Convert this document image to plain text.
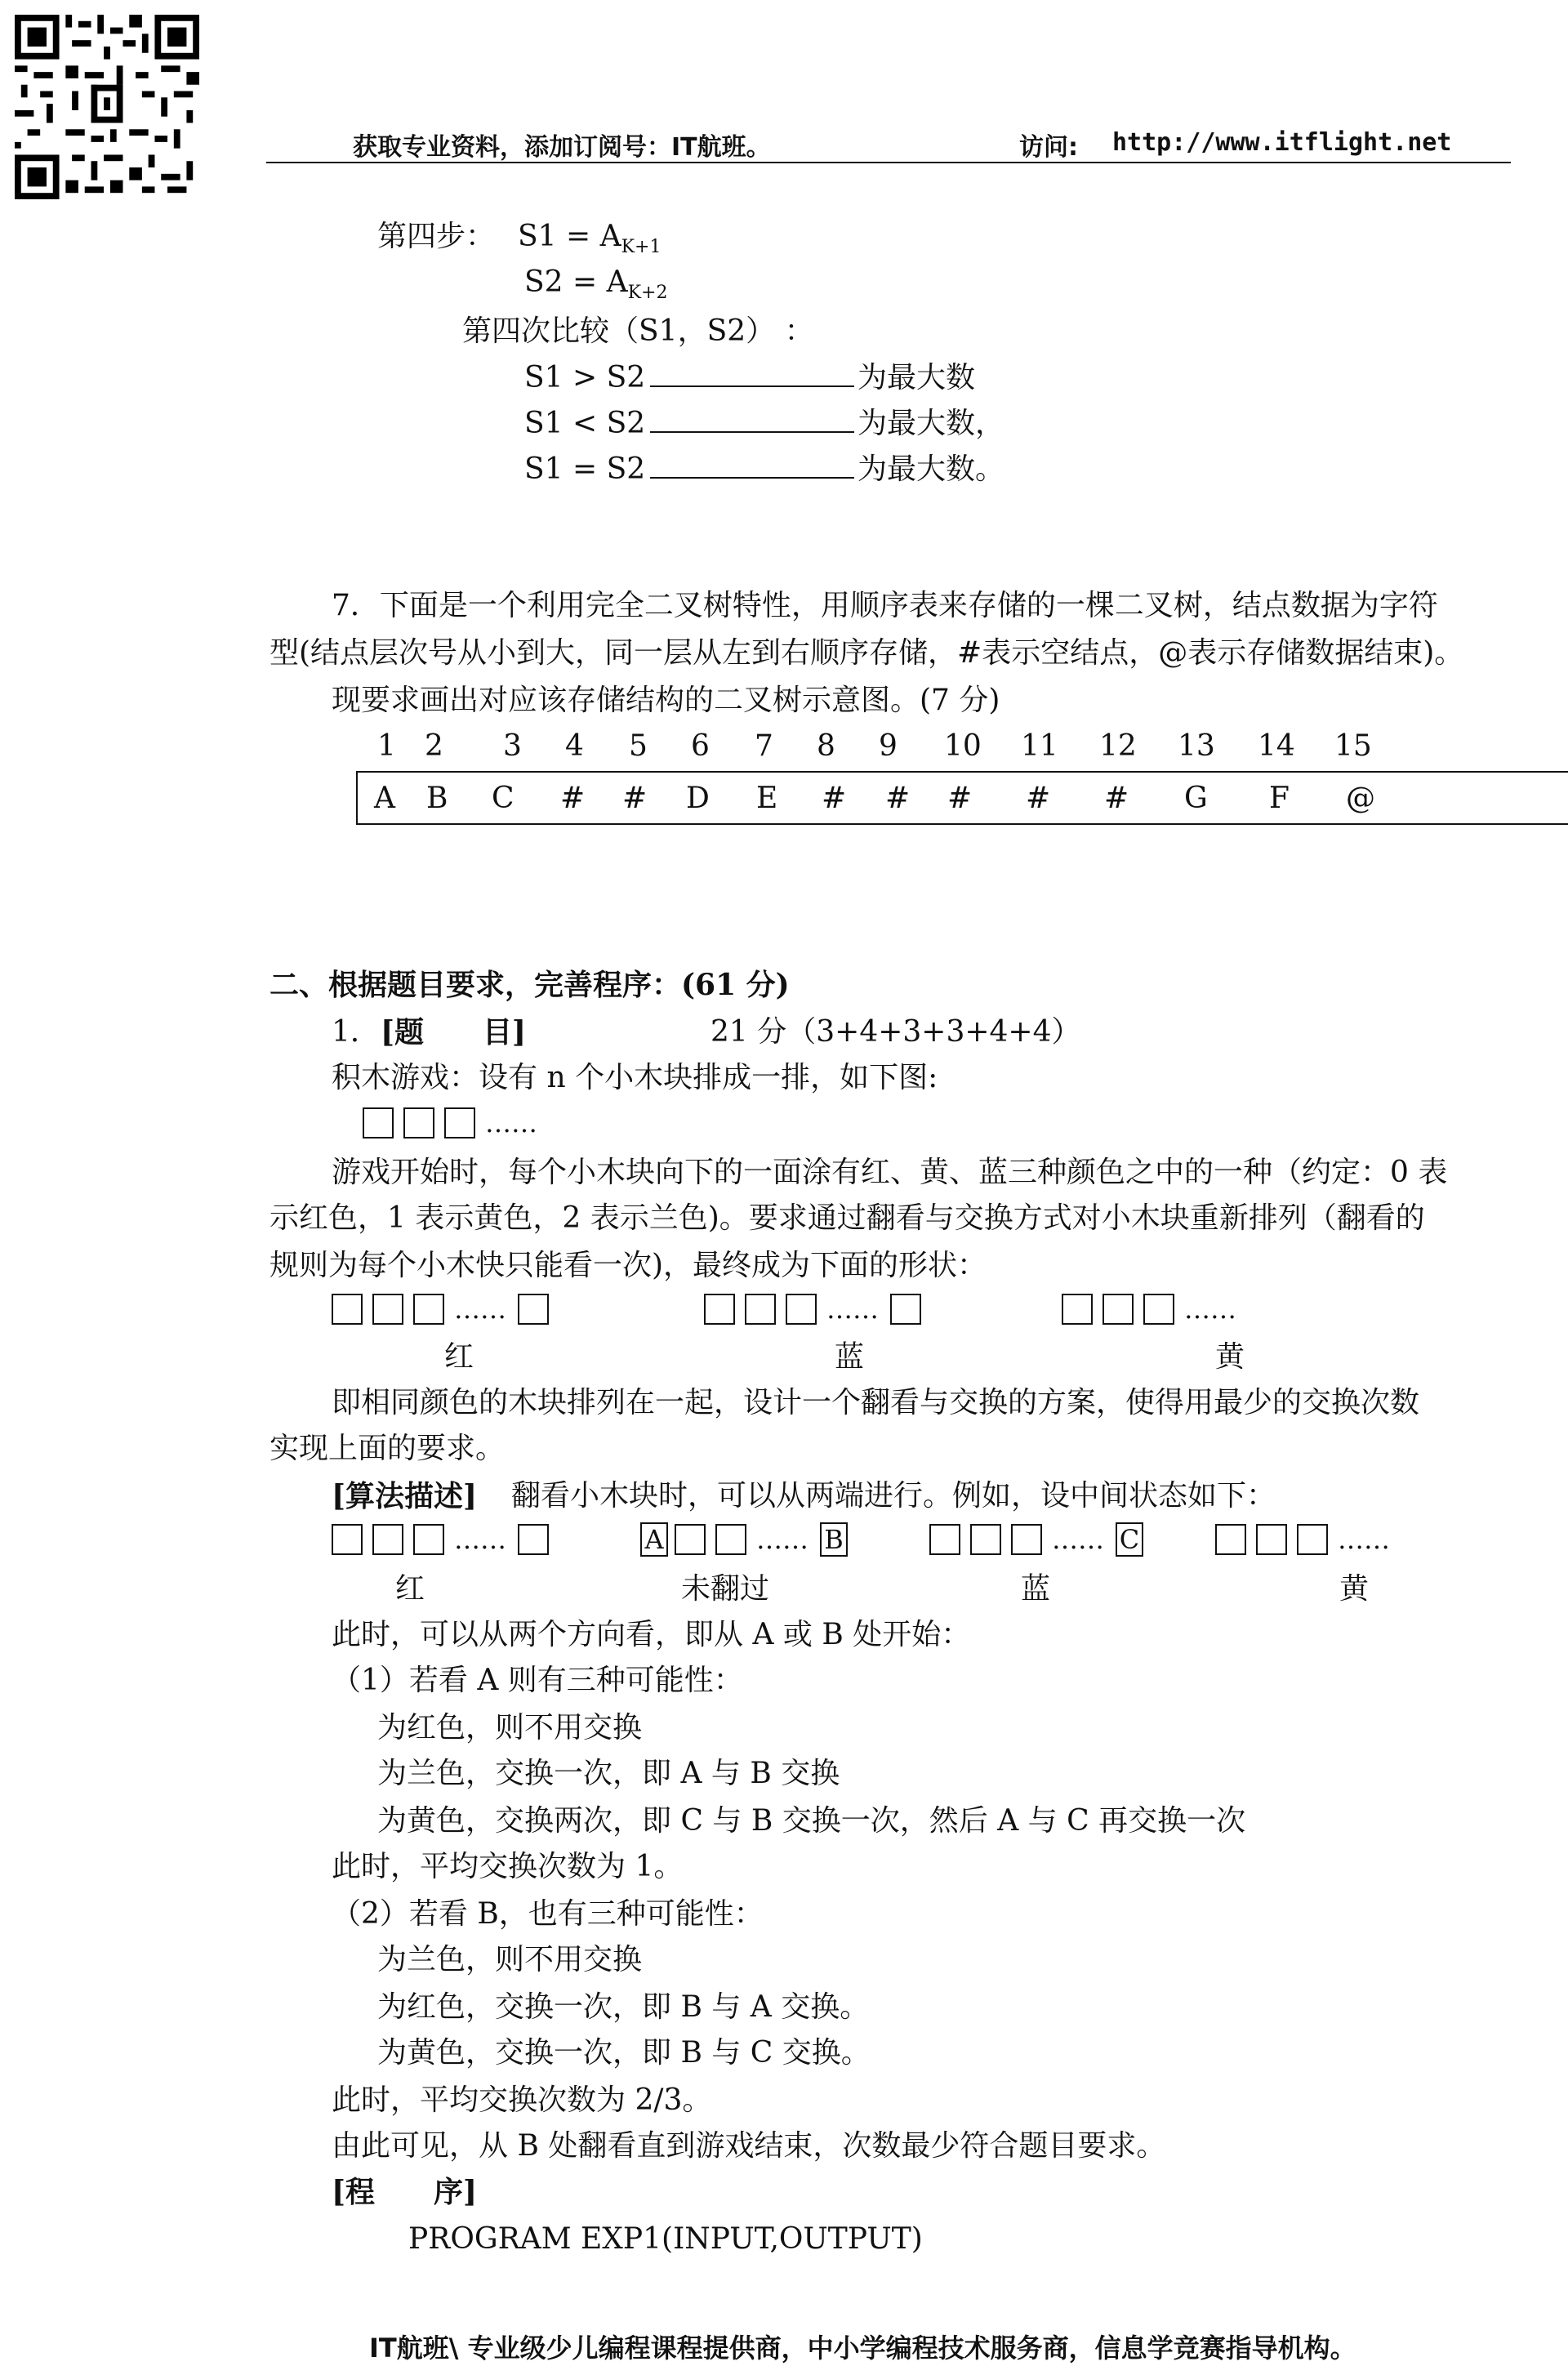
获取专业资料，添加订阅号：IT航班。	访问: http://www.itflight.net
第四步： $S1 = A_{K+1}$
$S2 = A_{K+2}$
第四次比较（S1，S2） ：
S1 > S2	为最大数
S1 < S2	为最大数，
S1 = S2	为最大数。
7．下面是一个利用完全二叉树特性，用顺序表来存储的一棵二叉树，结点数据为字符
型(结点层次号从小到大，同一层从左到右顺序存储，#表示空结点，@表示存储数据结束)。
现要求画出对应该存储结构的二叉树示意图。(7 分)
1 2 3 4 5 6 7 8 9 10 11 12 13 14 15
A B C # # D E # # # # # G F @
二、根据题目要求，完善程序：(61 分)
1． [题　　目]	21 分（3+4+3+3+4+4）
积木游戏：设有 n 个小木块排成一排，如下图:
……
游戏开始时，每个小木块向下的一面涂有红、黄、蓝三种颜色之中的一种（约定：0 表
示红色，1 表示黄色，2 表示兰色)。要求通过翻看与交换方式对小木块重新排列（翻看的
规则为每个小木快只能看一次)，最终成为下面的形状：
……	……	……
红	蓝	黄
即相同颜色的木块排列在一起，设计一个翻看与交换的方案，使得用最少的交换次数
实现上面的要求。
[算法描述] 翻看小木块时，可以从两端进行。例如，设中间状态如下：
……	A	…… B	…… C	……
红	未翻过	蓝	黄
此时，可以从两个方向看，即从 A 或 B 处开始：
（1）若看 A 则有三种可能性：
为红色，则不用交换
为兰色，交换一次，即 A 与 B 交换
为黄色，交换两次，即 C 与 B 交换一次，然后 A 与 C 再交换一次
此时，平均交换次数为 1。
（2）若看 B，也有三种可能性：
为兰色，则不用交换
为红色，交换一次，即 B 与 A 交换。
为黄色，交换一次，即 B 与 C 交换。
此时，平均交换次数为 2/3。
由此可见，从 B 处翻看直到游戏结束，次数最少符合题目要求。
[程　　序]
PROGRAM EXP1(INPUT,OUTPUT)
IT航班\ 专业级少儿编程课程提供商，中小学编程技术服务商，信息学竞赛指导机构。
